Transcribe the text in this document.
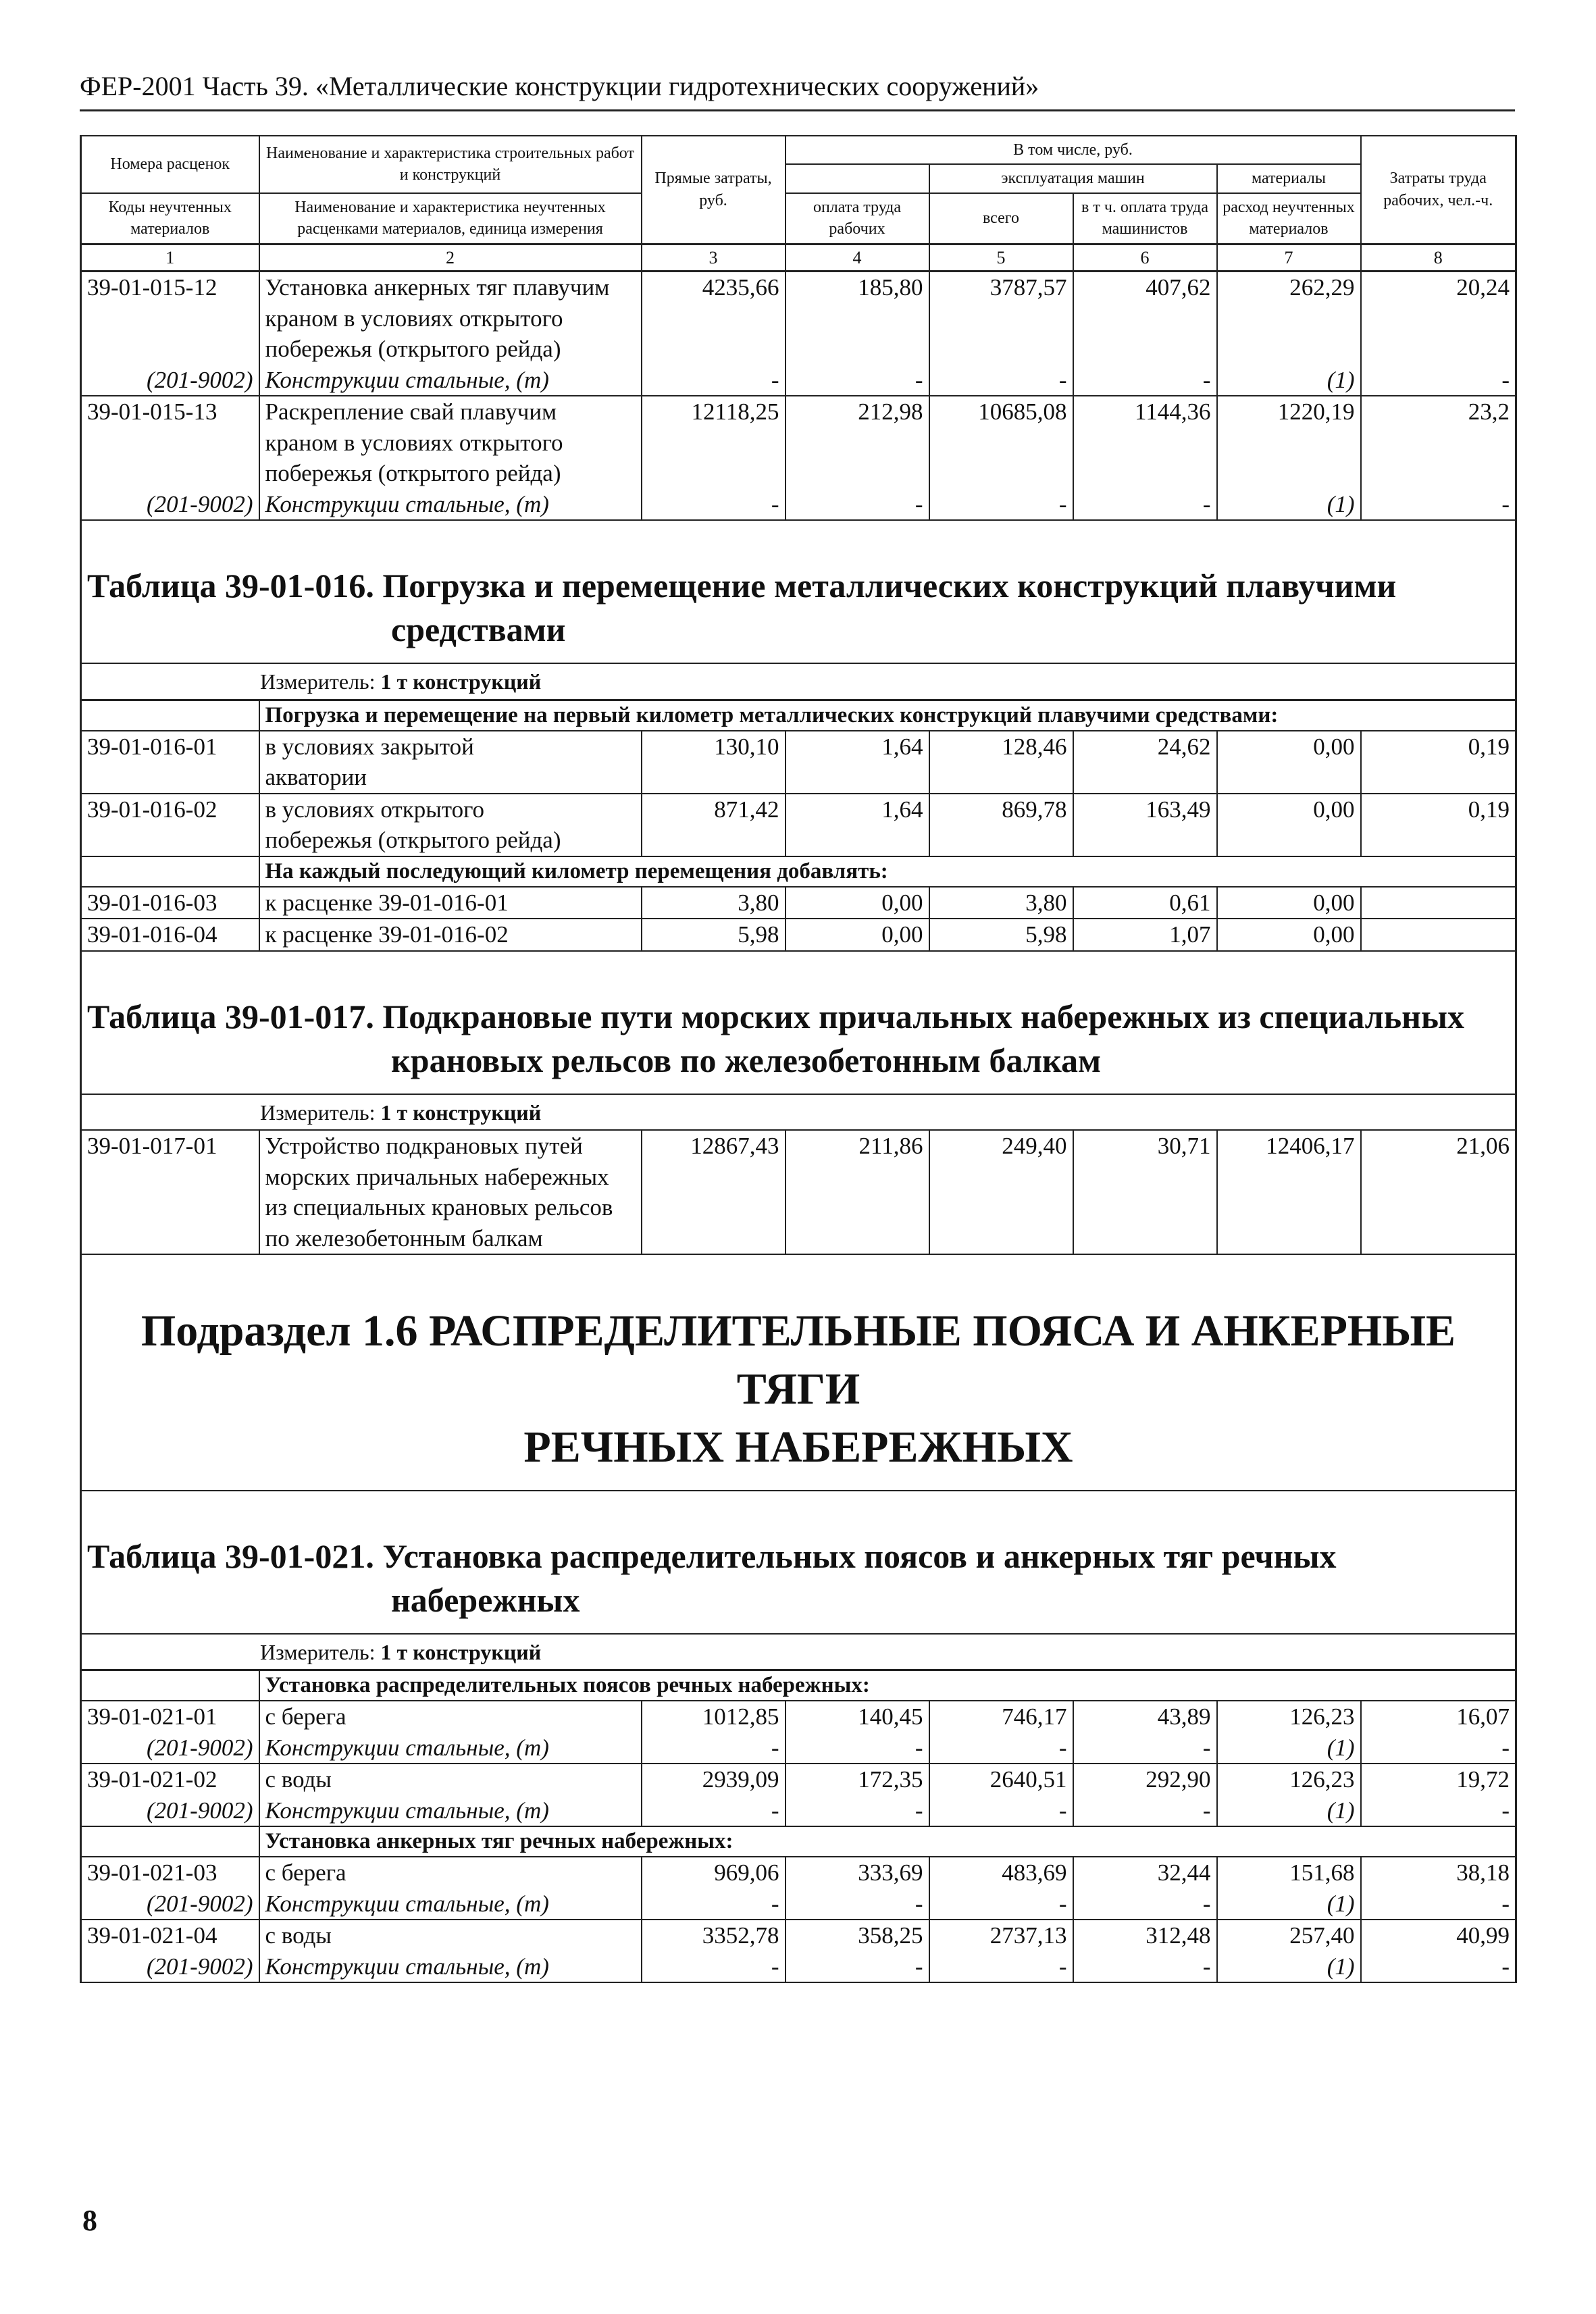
ФЕР-2001 Часть 39. «Металлические конструкции гидротехнических сооружений»
Номера расценок	Наименование и характеристика строительных работ и конструкций	Прямые затраты, руб.	В том числе, руб.				Затраты труда рабочих, чел.-ч.
				эксплуатация машин		материалы	
Коды неучтенных материалов	Наименование и характеристика неучтенных расценками материалов, единица измерения		оплата труда рабочих	всего	в т ч. оплата труда машинистов	расход неучтенных материалов	

1	2	3	4	5	6	7	8
39-01-015-12	Установка анкерных тяг плавучим
краном в условиях открытого
побережья (открытого рейда)	4235,66	185,80	3787,57	407,62	262,29	20,24
(201-9002)	Конструкции стальные, (т)	-	-	-	-	(1)	-
39-01-015-13	Раскрепление свай плавучим
краном в условиях открытого
побережья (открытого рейда)	12118,25	212,98	10685,08	1144,36	1220,19	23,2
(201-9002)	Конструкции стальные, (т)	-	-	-	-	(1)	-

Таблица 39-01-016. Погрузка и перемещение металлических конструкций плавучими
средствами							

Измеритель: 1 т конструкций							
	Погрузка и перемещение на первый километр металлических конструкций плавучими средствами:						
39-01-016-01	в условиях закрытой
акватории	130,10	1,64	128,46	24,62	0,00	0,19
39-01-016-02	в условиях открытого
побережья (открытого рейда)	871,42	1,64	869,78	163,49	0,00	0,19
	На каждый последующий километр перемещения добавлять:						
39-01-016-03	к расценке 39-01-016-01	3,80	0,00	3,80	0,61	0,00	
39-01-016-04	к расценке 39-01-016-02	5,98	0,00	5,98	1,07	0,00	

Таблица 39-01-017. Подкрановые пути морских причальных набережных из специальных
крановых рельсов по железобетонным балкам							

Измеритель: 1 т конструкций							
39-01-017-01	Устройство подкрановых путей
морских причальных набережных
из специальных крановых рельсов
по железобетонным балкам	12867,43	211,86	249,40	30,71	12406,17	21,06

Подраздел 1.6 РАСПРЕДЕЛИТЕЛЬНЫЕ ПОЯСА И АНКЕРНЫЕ ТЯГИ
РЕЧНЫХ НАБЕРЕЖНЫХ							

Таблица 39-01-021. Установка распределительных поясов и анкерных тяг речных
набережных							

Измеритель: 1 т конструкций							
	Установка распределительных поясов речных набережных:						
39-01-021-01	с берега	1012,85	140,45	746,17	43,89	126,23	16,07
(201-9002)	Конструкции стальные, (т)	-	-	-	-	(1)	-
39-01-021-02	с воды	2939,09	172,35	2640,51	292,90	126,23	19,72
(201-9002)	Конструкции стальные, (т)	-	-	-	-	(1)	-
	Установка анкерных тяг речных набережных:						
39-01-021-03	с берега	969,06	333,69	483,69	32,44	151,68	38,18
(201-9002)	Конструкции стальные, (т)	-	-	-	-	(1)	-
39-01-021-04	с воды	3352,78	358,25	2737,13	312,48	257,40	40,99
(201-9002)	Конструкции стальные, (т)	-	-	-	-	(1)	-
8
